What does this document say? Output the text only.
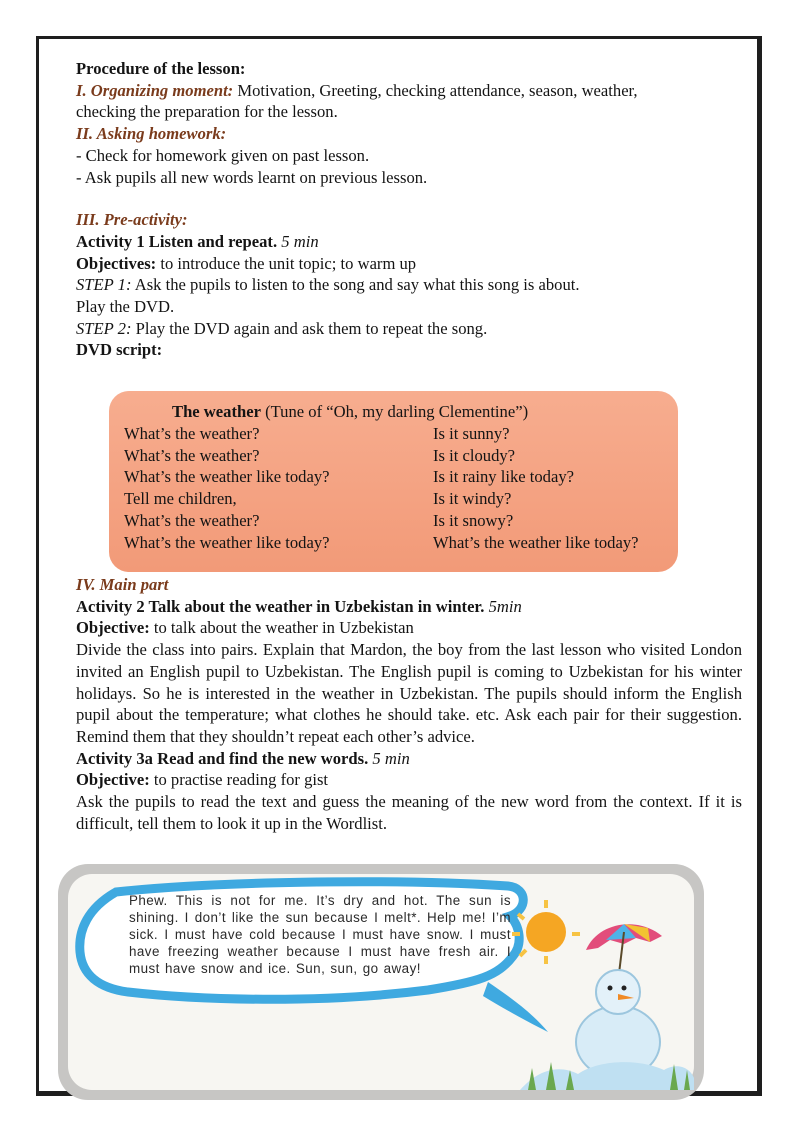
Procedure of the lesson:
I. Organizing moment: Motivation, Greeting, checking attendance, season, weather,
checking the preparation for the lesson.
II. Asking homework:
- Check for homework given on past lesson.
- Ask pupils all new words learnt on previous lesson.
III. Pre-activity:
Activity 1 Listen and repeat. 5 min
Objectives: to introduce the unit topic; to warm up
STEP 1: Ask the pupils to listen to the song and say what this song is about.
Play the DVD.
STEP 2: Play the DVD again and ask them to repeat the song.
DVD script:
The weather (Tune of “Oh, my darling Clementine”)
What’s the weather?
What’s the weather?
What’s the weather like today?
Tell me children,
What’s the weather?
What’s the weather like today?
Is it sunny?
Is it cloudy?
Is it rainy like today?
Is it windy?
Is it snowy?
What’s the weather like today?
IV. Main part
Activity 2 Talk about the weather in Uzbekistan in winter. 5min
Objective: to talk about the weather in Uzbekistan
Divide the class into pairs. Explain that Mardon, the boy from the last lesson who visited London invited an English pupil to Uzbekistan. The English pupil is coming to Uzbekistan for his winter holidays. So he is interested in the weather in Uzbekistan. The pupils should inform the English pupil about the temperature; what clothes he should take. etc. Ask each pair for their suggestion. Remind them that they shouldn’t repeat each other’s advice.
Activity 3a Read and find the new words. 5 min
Objective: to practise reading for gist
Ask the pupils to read the text and guess the meaning of the new word from the context. If it is difficult, tell them to look it up in the Wordlist.
Phew. This is not for me. It’s dry and hot. The sun is shining. I don’t like the sun because I melt*. Help me! I’m sick. I must have cold because I must have snow. I must have freezing weather because I must have fresh air. I must have snow and ice. Sun, sun, go away!
